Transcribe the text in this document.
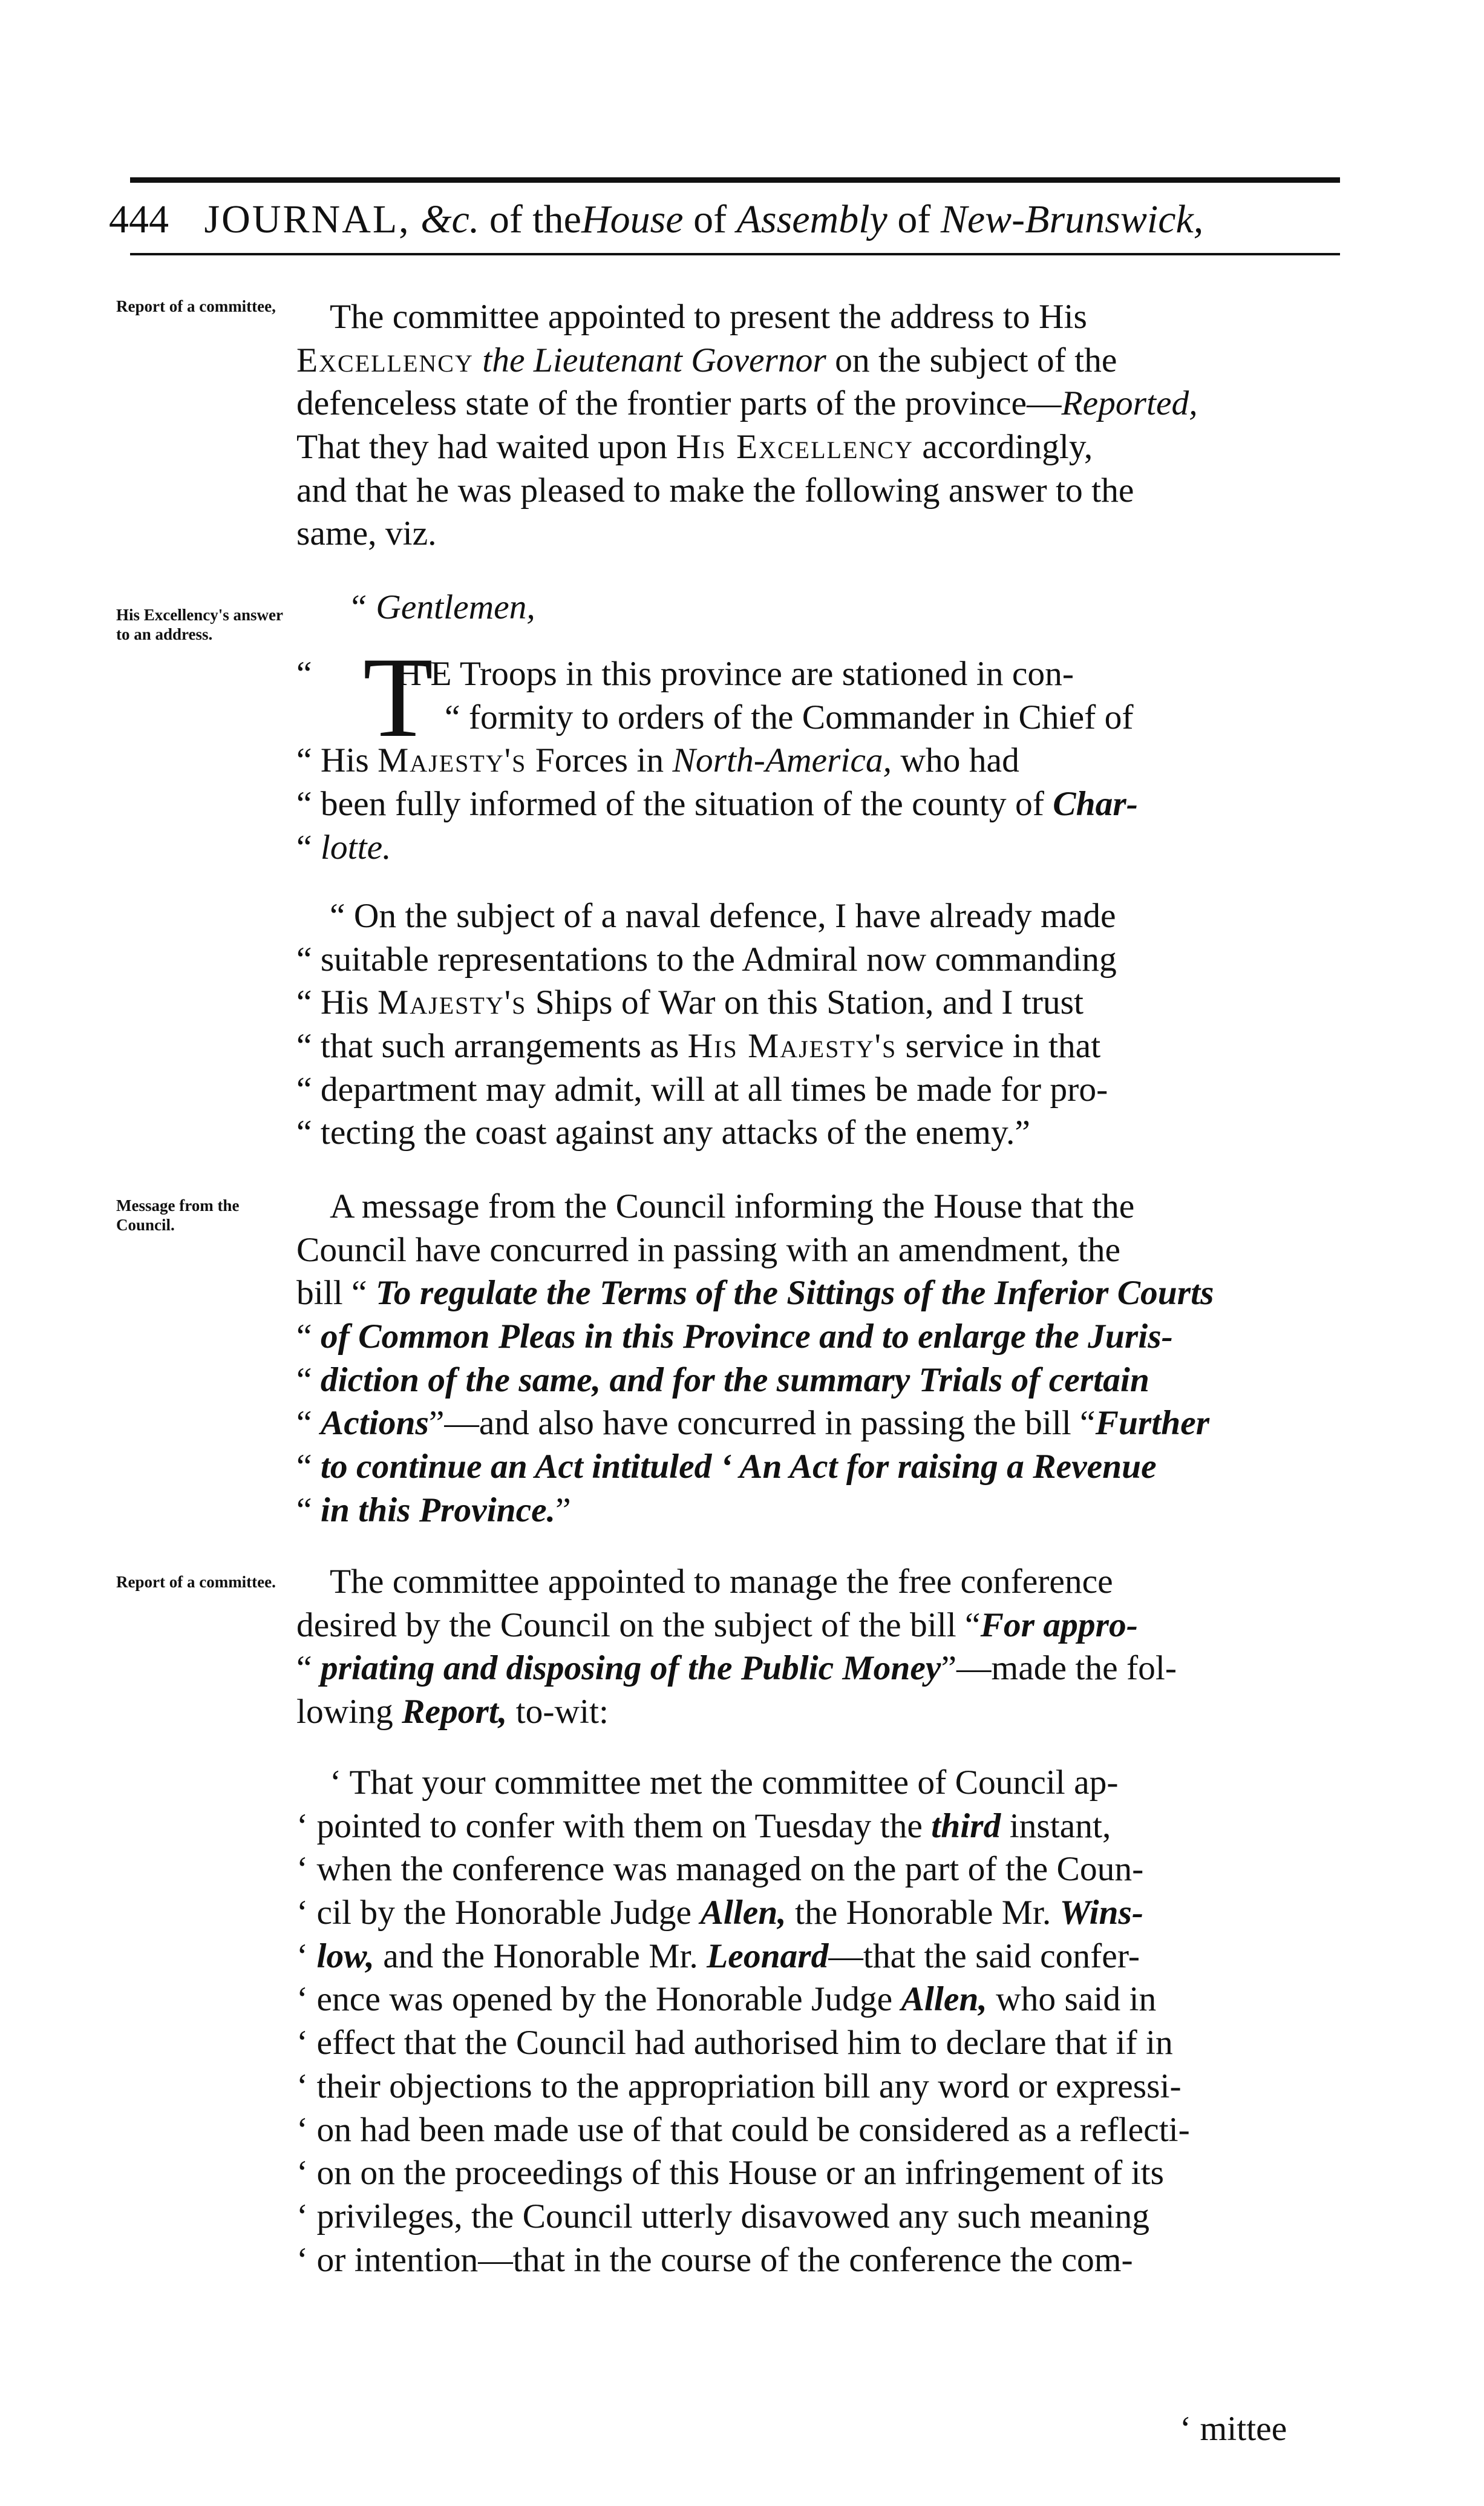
444 JOURNAL, &c. of theHouse of Assembly of New-Brunswick,
Report of a committee,
His Excellency's answer to an address.
Message from the Council.
Report of a committee.
The committee appointed to present the address to His
Excellency the Lieutenant Governor on the subject of the
defenceless state of the frontier parts of the province—Reported,
That they had waited upon His Excellency accordingly,
and that he was pleased to make the following answer to the
same, viz.
“ Gentlemen,
T
“ H E Troops in this province are stationed in con-
“ formity to orders of the Commander in Chief of
“ His Majesty's Forces in North-America, who had
“ been fully informed of the situation of the county of Char-
“ lotte.
“ On the subject of a naval defence, I have already made
“ suitable representations to the Admiral now commanding
“ His Majesty's Ships of War on this Station, and I trust
“ that such arrangements as His Majesty's service in that
“ department may admit, will at all times be made for pro-
“ tecting the coast against any attacks of the enemy.”
A message from the Council informing the House that the
Council have concurred in passing with an amendment, the
bill “ To regulate the Terms of the Sittings of the Inferior Courts
“ of Common Pleas in this Province and to enlarge the Juris-
“ diction of the same, and for the summary Trials of certain
“ Actions”—and also have concurred in passing the bill “Further
“ to continue an Act intituled ‘ An Act for raising a Revenue
“ in this Province.”
The committee appointed to manage the free conference
desired by the Council on the subject of the bill “For appro-
“ priating and disposing of the Public Money”—made the fol-
lowing Report, to-wit:
‘ That your committee met the committee of Council ap-
‘ pointed to confer with them on Tuesday the third instant,
‘ when the conference was managed on the part of the Coun-
‘ cil by the Honorable Judge Allen, the Honorable Mr. Wins-
‘ low, and the Honorable Mr. Leonard—that the said confer-
‘ ence was opened by the Honorable Judge Allen, who said in
‘ effect that the Council had authorised him to declare that if in
‘ their objections to the appropriation bill any word or expressi-
‘ on had been made use of that could be considered as a reflecti-
‘ on on the proceedings of this House or an infringement of its
‘ privileges, the Council utterly disavowed any such meaning
‘ or intention—that in the course of the conference the com-
‘ mittee
